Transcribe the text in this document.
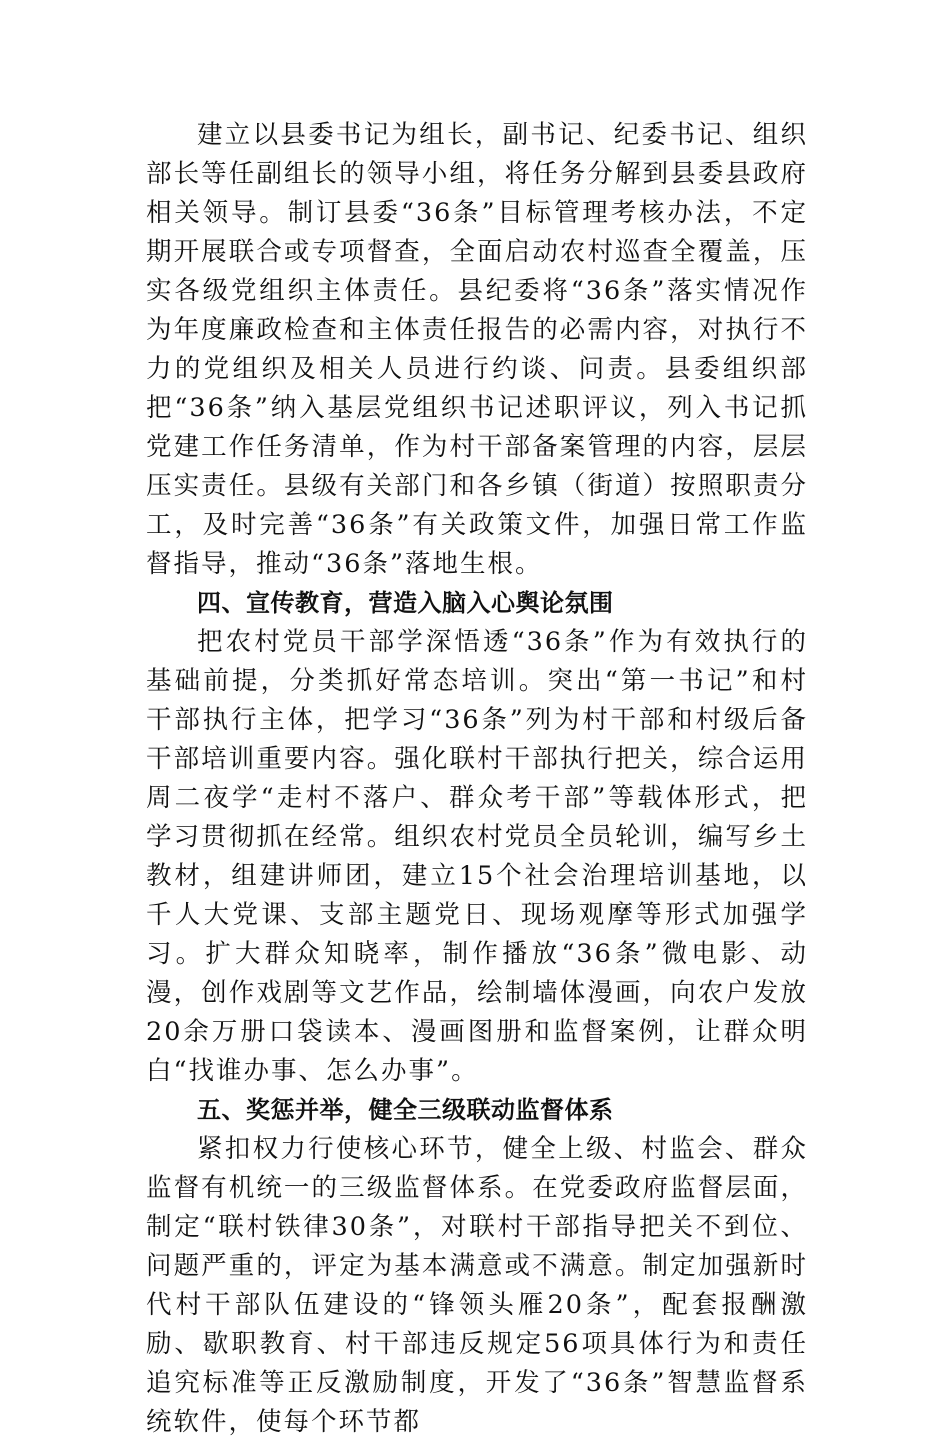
建立以县委书记为组长，副书记、纪委书记、组织部长等任副组长的领导小组，将任务分解到县委县政府相关领导。制订县委“36条”目标管理考核办法，不定期开展联合或专项督查，全面启动农村巡查全覆盖，压实各级党组织主体责任。县纪委将“36条”落实情况作为年度廉政检查和主体责任报告的必需内容，对执行不力的党组织及相关人员进行约谈、问责。县委组织部把“36条”纳入基层党组织书记述职评议，列入书记抓党建工作任务清单，作为村干部备案管理的内容，层层压实责任。县级有关部门和各乡镇（街道）按照职责分工，及时完善“36条”有关政策文件，加强日常工作监督指导，推动“36条”落地生根。

四、宣传教育，营造入脑入心舆论氛围

把农村党员干部学深悟透“36条”作为有效执行的基础前提，分类抓好常态培训。突出“第一书记”和村干部执行主体，把学习“36条”列为村干部和村级后备干部培训重要内容。强化联村干部执行把关，综合运用周二夜学“走村不落户、群众考干部”等载体形式，把学习贯彻抓在经常。组织农村党员全员轮训，编写乡土教材，组建讲师团，建立15个社会治理培训基地，以千人大党课、支部主题党日、现场观摩等形式加强学习。扩大群众知晓率，制作播放“36条”微电影、动漫，创作戏剧等文艺作品，绘制墙体漫画，向农户发放20余万册口袋读本、漫画图册和监督案例，让群众明白“找谁办事、怎么办事”。

五、奖惩并举，健全三级联动监督体系

紧扣权力行使核心环节，健全上级、村监会、群众监督有机统一的三级监督体系。在党委政府监督层面，制定“联村铁律30条”，对联村干部指导把关不到位、问题严重的，评定为基本满意或不满意。制定加强新时代村干部队伍建设的“锋领头雁20条”，配套报酬激励、歇职教育、村干部违反规定56项具体行为和责任追究标准等正反激励制度，开发了“36条”智慧监督系统软件，使每个环节都
